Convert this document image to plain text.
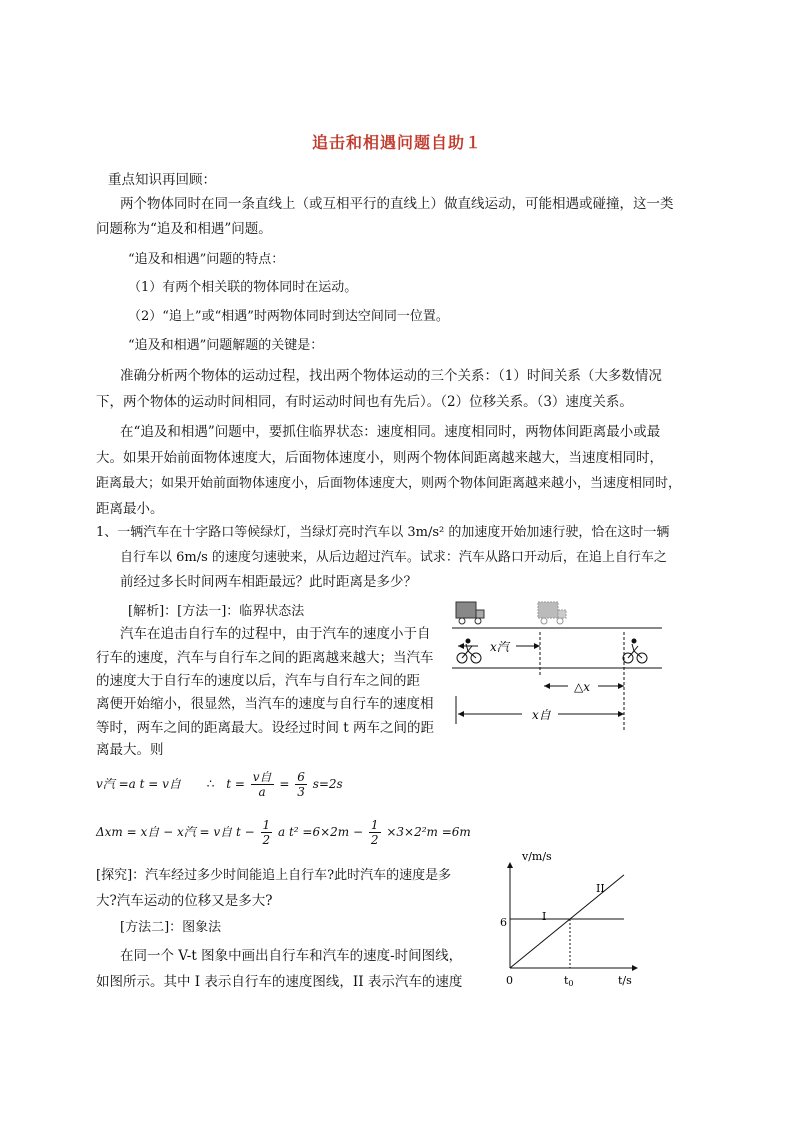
追击和相遇问题自助１
重点知识再回顾：
两个物体同时在同一条直线上（或互相平行的直线上）做直线运动，可能相遇或碰撞，这一类
问题称为“追及和相遇”问题。
“追及和相遇”问题的特点：
（1）有两个相关联的物体同时在运动。
（2）“追上”或“相遇”时两物体同时到达空间同一位置。
“追及和相遇”问题解题的关键是：
准确分析两个物体的运动过程，找出两个物体运动的三个关系：（1）时间关系（大多数情况
下，两个物体的运动时间相同，有时运动时间也有先后）。（2）位移关系。（3）速度关系。
在“追及和相遇”问题中，要抓住临界状态：速度相同。速度相同时，两物体间距离最小或最
大。如果开始前面物体速度大，后面物体速度小，则两个物体间距离越来越大，当速度相同时，
距离最大；如果开始前面物体速度小，后面物体速度大，则两个物体间距离越来越小，当速度相同时，
距离最小。
1、一辆汽车在十字路口等候绿灯，当绿灯亮时汽车以 3m/s² 的加速度开始加速行驶，恰在这时一辆
自行车以 6m/s 的速度匀速驶来，从后边超过汽车。试求：汽车从路口开动后，在追上自行车之
前经过多长时间两车相距最远？此时距离是多少？
[解析]：[方法一]：临界状态法
汽车在追击自行车的过程中，由于汽车的速度小于自
行车的速度，汽车与自行车之间的距离越来越大；当汽车
的速度大于自行车的速度以后，汽车与自行车之间的距
离便开始缩小，很显然，当汽车的速度与自行车的速度相
等时，两车之间的距离最大。设经过时间 t 两车之间的距
离最大。则
v汽 =a t = v自 ∴ $t = \frac{\text{v自}}{a} = \frac{6}{3} s=2s$
Δxm = x自 − x汽 = v自 $t - \frac{1}{2}$ a $t^2 =6\times 2m - \frac{1}{2} \times 3\times 2^2m =6m$
[探究]：汽车经过多少时间能追上自行车?此时汽车的速度是多
大?汽车运动的位移又是多大?
[方法二]：图象法
在同一个 V-t 图象中画出自行车和汽车的速度-时间图线，
如图所示。其中 I 表示自行车的速度图线，II 表示汽车的速度
x汽
△x
x自
v/m/s
t/s
0
6
t0
I
II
